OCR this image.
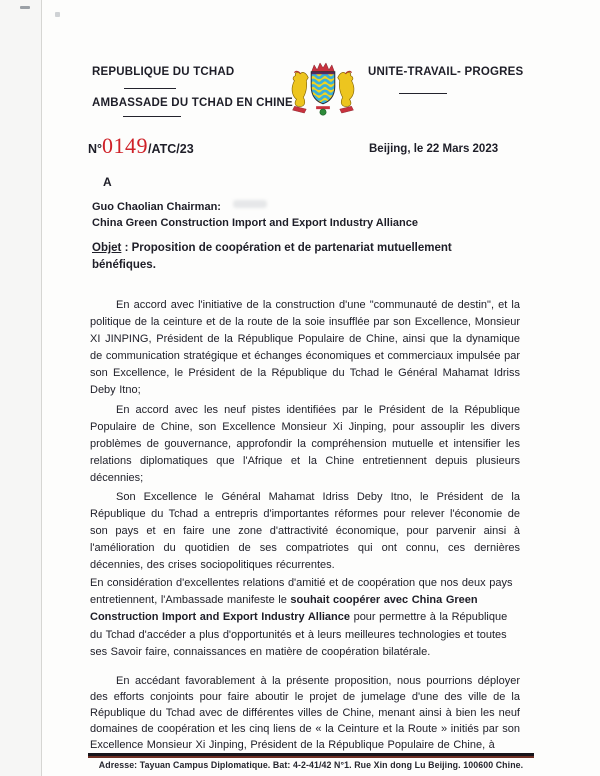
REPUBLIQUE DU TCHAD
AMBASSADE DU TCHAD EN CHINE
UNITE-TRAVAIL- PROGRES
N° 0149 /ATC/23	Beijing, le 22 Mars 2023
A
Guo Chaolian Chairman:
China Green Construction Import and Export Industry Alliance
Objet : Proposition de coopération et de partenariat mutuellement bénéfiques.
En accord avec l'initiative de la construction d'une "communauté de destin", et la politique de la ceinture et de la route de la soie insufflée par son Excellence, Monsieur XI JINPING, Président de la République Populaire de Chine, ainsi que la dynamique de communication stratégique et échanges économiques et commerciaux impulsée par son Excellence, le Président de la République du Tchad le Général Mahamat Idriss Deby Itno;
En accord avec les neuf pistes identifiées par le Président de la République Populaire de Chine, son Excellence Monsieur Xi Jinping, pour assouplir les divers problèmes de gouvernance, approfondir la compréhension mutuelle et intensifier les relations diplomatiques que l'Afrique et la Chine entretiennent depuis plusieurs décennies;
Son Excellence le Général Mahamat Idriss Deby Itno, le Président de la République du Tchad a entrepris d'importantes réformes pour relever l'économie de son pays et en faire une zone d'attractivité économique, pour parvenir ainsi à l'amélioration du quotidien de ses compatriotes qui ont connu, ces dernières décennies, des crises sociopolitiques récurrentes.
En considération d'excellentes relations d'amitié et de coopération que nos deux pays entretiennent, l'Ambassade manifeste le souhait coopérer avec China Green Construction Import and Export Industry Alliance pour permettre à la République du Tchad d'accéder a plus d'opportunités et à leurs meilleures technologies et toutes ses Savoir faire, connaissances en matière de coopération bilatérale.
En accédant favorablement à la présente proposition, nous pourrions déployer des efforts conjoints pour faire aboutir le projet de jumelage d'une des ville de la République du Tchad avec de différentes villes de Chine, menant ainsi à bien les neuf domaines de coopération et les cinq liens de « la Ceinture et la Route » initiés par son Excellence Monsieur Xi Jinping, Président de la République Populaire de Chine, à
Adresse: Tayuan Campus Diplomatique. Bat: 4-2-41/42 N°1. Rue Xin dong Lu Beijing. 100600 Chine.
